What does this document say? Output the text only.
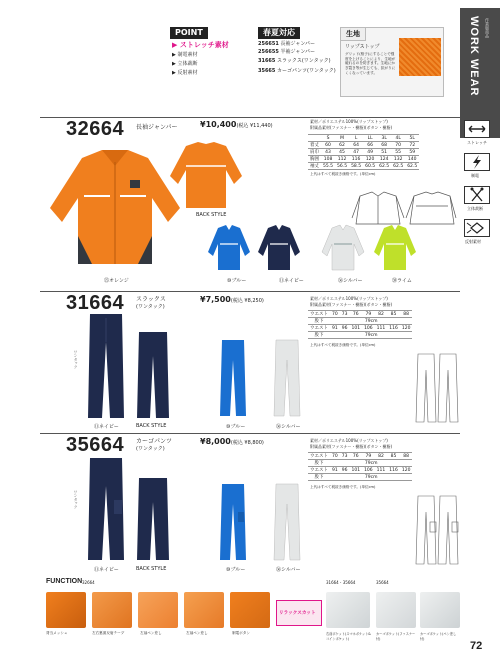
WORK WEAR 作業服商品
POINT
▶ ストレッチ素材
▶ 制電素材
▶ 立体裁断
▶ 反射素材
春夏対応
256651 長袖ジャンパー
256655 半袖ジャンパー
31665 スラックス(ワンタック)
35665 カーゴパンツ(ワンタック)
生地
リップストップ
グリッド(格子)にすることで強度を上げることにより、生地が破れるのを防ぎます。生地にかぎ裂き等が生じても、拡がりにくくなっています。
ストレッチ
制電
立体裁断
反射素材
32664 長袖ジャンパー	¥10,400(税込 ¥11,440)
素材／ポリエステル100%(リップストップ)
附属品素材(ファスナー・樹脂)(ボタン・樹脂)
	S	M	L	LL	3L	4L	5L
着丈	60	62	64	66	68	70	72
肩巾	43	45	47	49	51	55	59
胸囲	108	112	116	120	124	132	140
袖丈	55.5	56.5	58.5	60.5	62.5	62.5	62.5
上代はすべて税抜き価格です。(単位cm)
BACK STYLE
㉕オレンジ	⑩ブルー	⑪ネイビー	㊱シルバー	㊳ライム
31664 スラックス
(ワンタック)
¥7,500(税込 ¥8,250)	素材／ポリエステル100%(リップストップ)
附属品素材(ファスナー・樹脂)(ボタン・樹脂)
ウエスト	70	73	76	79	82	85	88
股下	79cm						
ウエスト	91	96	101	106	111	116	120
股下	79cm						
上代はすべて税抜き価格です。(単位cm)
ワンタック
BACK STYLE
⑪ネイビー	⑩ブルー	㊱シルバー
35664 カーゴパンツ
(ワンタック)
¥8,000(税込 ¥8,800)	素材／ポリエステル100%(リップストップ)
附属品素材(ファスナー・樹脂)(ボタン・樹脂)
ウエスト	70	73	76	79	82	85	88
股下	79cm						
ウエスト	91	96	101	106	111	116	120
股下	79cm						
上代はすべて税抜き価格です。(単位cm)
ワンタック
BACK STYLE
⑪ネイビー	⑩ブルー	㊱シルバー
FUNCTION 32664
背当メッシュ	左右裏面反射テープ	左袖ペン差し	左袖ペン差し	制電ボタン
リラックスカット
31664・35664	35664
右前ポケット(スマホポケット&コインポケット)
カーゴポケット(ファスナー付)
カーゴポケット(ペン差し付)
72
